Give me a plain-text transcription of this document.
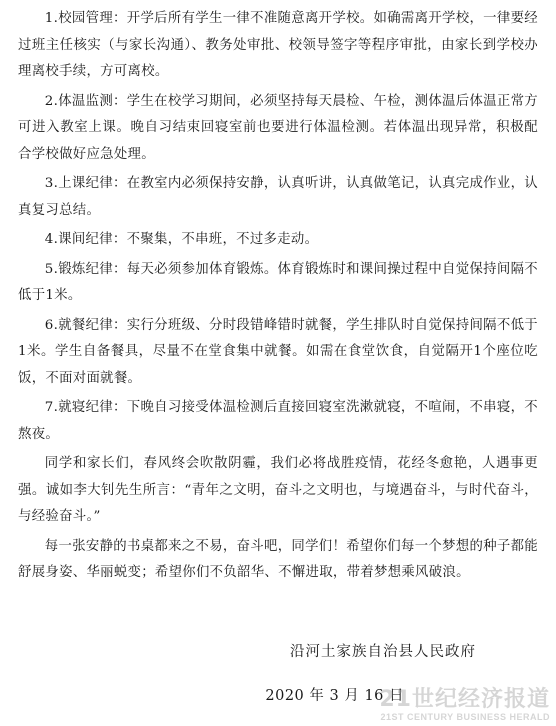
1.校园管理：开学后所有学生一律不准随意离开学校。如确需离开学校，一律要经过班主任核实（与家长沟通）、教务处审批、校领导签字等程序审批，由家长到学校办理离校手续，方可离校。

2.体温监测：学生在校学习期间，必须坚持每天晨检、午检，测体温后体温正常方可进入教室上课。晚自习结束回寝室前也要进行体温检测。若体温出现异常，积极配合学校做好应急处理。

3.上课纪律：在教室内必须保持安静，认真听讲，认真做笔记，认真完成作业，认真复习总结。

4.课间纪律：不聚集，不串班，不过多走动。

5.锻炼纪律：每天必须参加体育锻炼。体育锻炼时和课间操过程中自觉保持间隔不低于1米。

6.就餐纪律：实行分班级、分时段错峰错时就餐，学生排队时自觉保持间隔不低于1米。学生自备餐具，尽量不在堂食集中就餐。如需在食堂饮食，自觉隔开1个座位吃饭，不面对面就餐。

7.就寝纪律：下晚自习接受体温检测后直接回寝室洗漱就寝，不喧闹，不串寝，不熬夜。

同学和家长们，春风终会吹散阴霾，我们必将战胜疫情，花经冬愈艳，人遇事更强。诚如李大钊先生所言：“青年之文明，奋斗之文明也，与境遇奋斗，与时代奋斗，与经验奋斗。”

每一张安静的书桌都来之不易，奋斗吧，同学们！希望你们每一个梦想的种子都能舒展身姿、华丽蜕变；希望你们不负韶华、不懈进取，带着梦想乘风破浪。

沿河土家族自治县人民政府
2020 年 3 月 16 日
21世纪经济报道
21ST CENTURY BUSINESS HERALD
